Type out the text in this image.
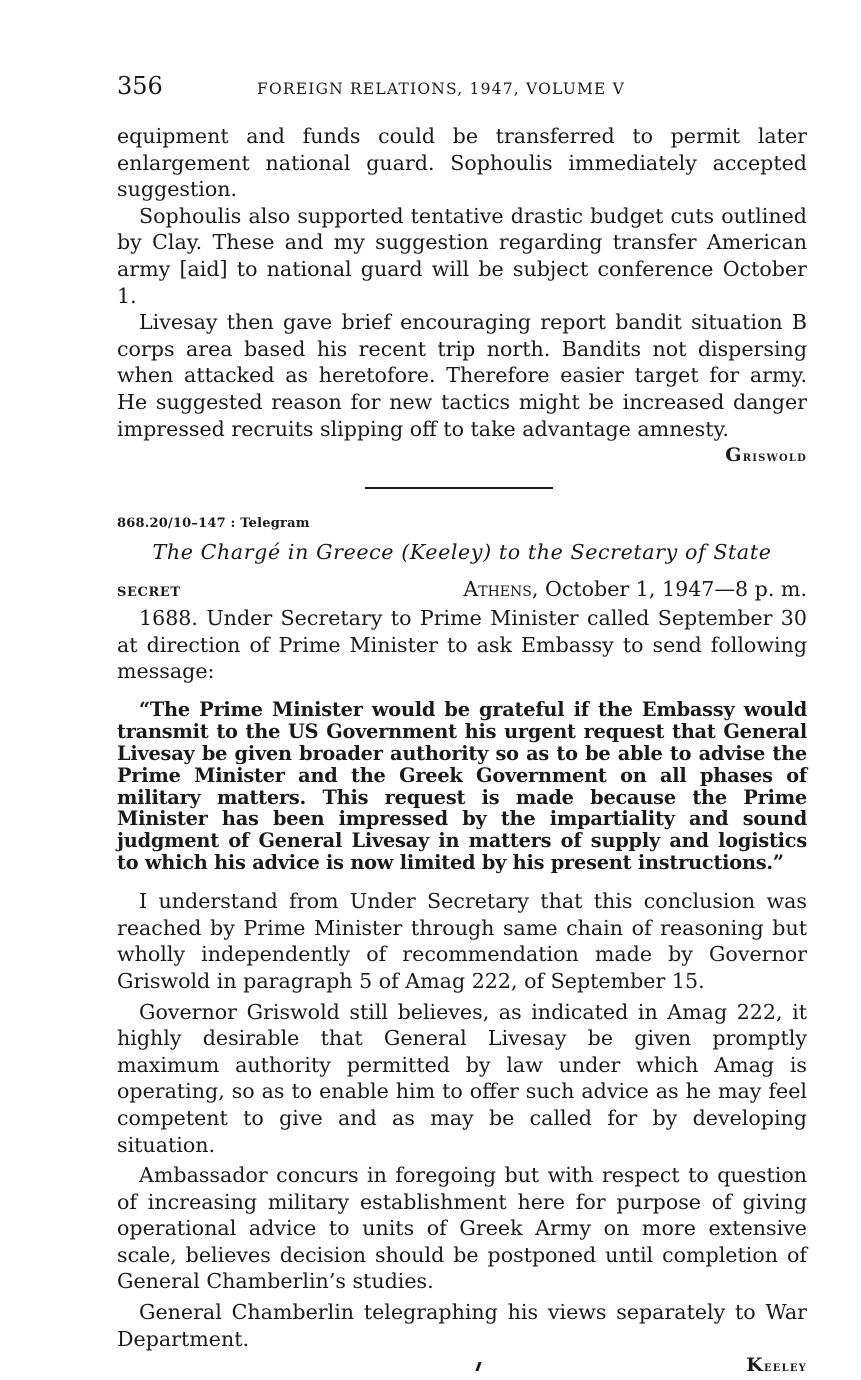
356	FOREIGN RELATIONS, 1947, VOLUME V

equipment and funds could be transferred to permit later enlargement national guard. Sophoulis immediately accepted suggestion.

Sophoulis also supported tentative drastic budget cuts outlined by Clay. These and my suggestion regarding transfer American army [aid] to national guard will be subject conference October 1.

Livesay then gave brief encouraging report bandit situation B corps area based his recent trip north. Bandits not dispersing when attacked as heretofore. Therefore easier target for army. He suggested reason for new tactics might be increased danger impressed recruits slipping off to take advantage amnesty.

Griswold
868.20/10–147 : Telegram
The Chargé in Greece (Keeley) to the Secretary of State
SECRET	Athens, October 1, 1947—8 p. m.

1688. Under Secretary to Prime Minister called September 30 at direction of Prime Minister to ask Embassy to send following message:

“The Prime Minister would be grateful if the Embassy would transmit to the US Government his urgent request that General Livesay be given broader authority so as to be able to advise the Prime Minister and the Greek Government on all phases of military matters. This request is made because the Prime Minister has been impressed by the impartiality and sound judgment of General Livesay in matters of supply and logistics to which his advice is now limited by his present instructions.”

I understand from Under Secretary that this conclusion was reached by Prime Minister through same chain of reasoning but wholly independently of recommendation made by Governor Griswold in paragraph 5 of Amag 222, of September 15.

Governor Griswold still believes, as indicated in Amag 222, it highly desirable that General Livesay be given promptly maximum authority permitted by law under which Amag is operating, so as to enable him to offer such advice as he may feel competent to give and as may be called for by developing situation.

Ambassador concurs in foregoing but with respect to question of increasing military establishment here for purpose of giving operational advice to units of Greek Army on more extensive scale, believes decision should be postponed until completion of General Chamberlin’s studies.

General Chamberlin telegraphing his views separately to War Department.

Keeley
